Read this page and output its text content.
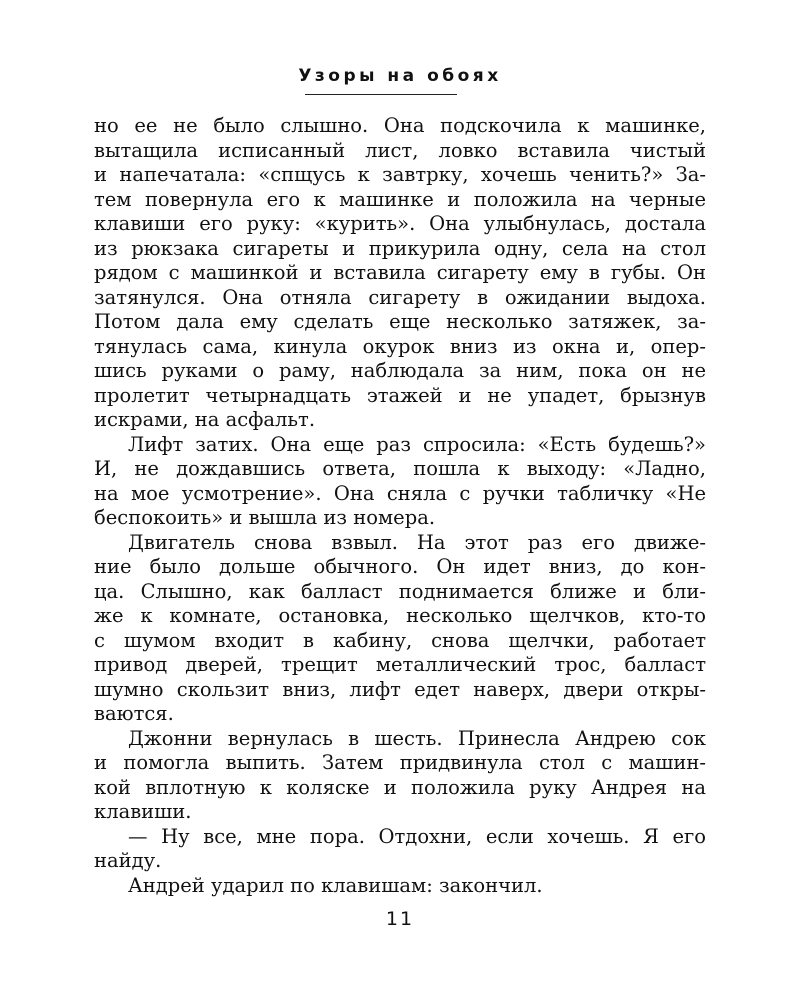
Узоры на обоях
но ее не было слышно. Она подскочила к машинке,
вытащила исписанный лист, ловко вставила чистый
и напечатала: «спщусь к завтрку, хочешь ченить?» За-
тем повернула его к машинке и положила на черные
клавиши его руку: «курить». Она улыбнулась, достала
из рюкзака сигареты и прикурила одну, села на стол
рядом с машинкой и вставила сигарету ему в губы. Он
затянулся. Она отняла сигарету в ожидании выдоха.
Потом дала ему сделать еще несколько затяжек, за-
тянулась сама, кинула окурок вниз из окна и, опер-
шись руками о раму, наблюдала за ним, пока он не
пролетит четырнадцать этажей и не упадет, брызнув
искрами, на асфальт.
Лифт затих. Она еще раз спросила: «Есть будешь?»
И, не дождавшись ответа, пошла к выходу: «Ладно,
на мое усмотрение». Она сняла с ручки табличку «Не
беспокоить» и вышла из номера.
Двигатель снова взвыл. На этот раз его движе-
ние было дольше обычного. Он идет вниз, до кон-
ца. Слышно, как балласт поднимается ближе и бли-
же к комнате, остановка, несколько щелчков, кто-то
с шумом входит в кабину, снова щелчки, работает
привод дверей, трещит металлический трос, балласт
шумно скользит вниз, лифт едет наверх, двери откры-
ваются.
Джонни вернулась в шесть. Принесла Андрею сок
и помогла выпить. Затем придвинула стол с машин-
кой вплотную к коляске и положила руку Андрея на
клавиши.
— Ну все, мне пора. Отдохни, если хочешь. Я его
найду.
Андрей ударил по клавишам: закончил.
11
